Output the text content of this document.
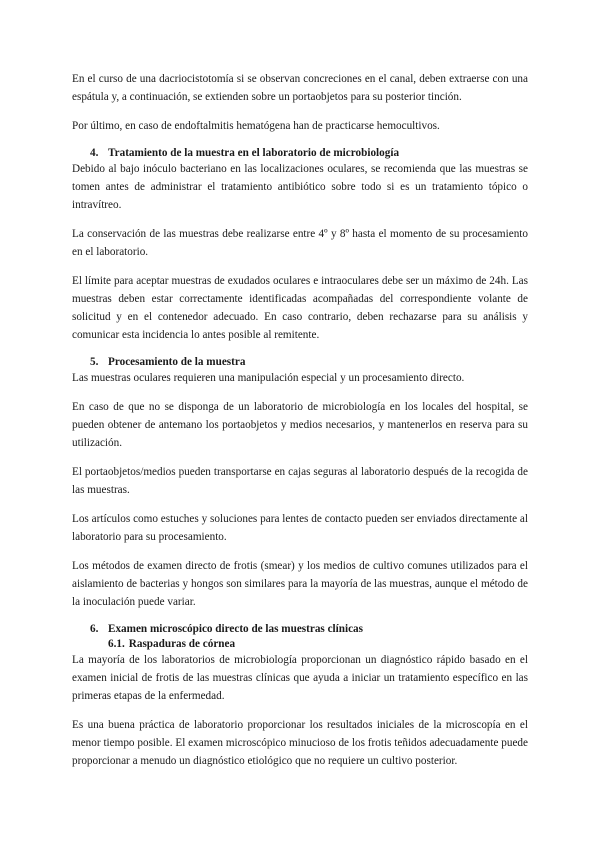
En el curso de una dacriocistotomía si se observan concreciones en el canal, deben extraerse con una espátula y, a continuación, se extienden sobre un portaobjetos para su posterior tinción.

Por último, en caso de endoftalmitis hematógena han de practicarse hemocultivos.

4. Tratamiento de la muestra en el laboratorio de microbiología

Debido al bajo inóculo bacteriano en las localizaciones oculares, se recomienda que las muestras se tomen antes de administrar el tratamiento antibiótico sobre todo si es un tratamiento tópico o intravítreo.

La conservación de las muestras debe realizarse entre 4º y 8º hasta el momento de su procesamiento en el laboratorio.

El límite para aceptar muestras de exudados oculares e intraoculares debe ser un máximo de 24h. Las muestras deben estar correctamente identificadas acompañadas del correspondiente volante de solicitud y en el contenedor adecuado. En caso contrario, deben rechazarse para su análisis y comunicar esta incidencia lo antes posible al remitente.

5. Procesamiento de la muestra

Las muestras oculares requieren una manipulación especial y un procesamiento directo.

En caso de que no se disponga de un laboratorio de microbiología en los locales del hospital, se pueden obtener de antemano los portaobjetos y medios necesarios, y mantenerlos en reserva para su utilización.

El portaobjetos/medios pueden transportarse en cajas seguras al laboratorio después de la recogida de las muestras.

Los artículos como estuches y soluciones para lentes de contacto pueden ser enviados directamente al laboratorio para su procesamiento.

Los métodos de examen directo de frotis (smear) y los medios de cultivo comunes utilizados para el aislamiento de bacterias y hongos son similares para la mayoría de las muestras, aunque el método de la inoculación puede variar.

6. Examen microscópico directo de las muestras clínicas
6.1. Raspaduras de córnea

La mayoría de los laboratorios de microbiología proporcionan un diagnóstico rápido basado en el examen inicial de frotis de las muestras clínicas que ayuda a iniciar un tratamiento específico en las primeras etapas de la enfermedad.

Es una buena práctica de laboratorio proporcionar los resultados iniciales de la microscopía en el menor tiempo posible. El examen microscópico minucioso de los frotis teñidos adecuadamente puede proporcionar a menudo un diagnóstico etiológico que no requiere un cultivo posterior.
